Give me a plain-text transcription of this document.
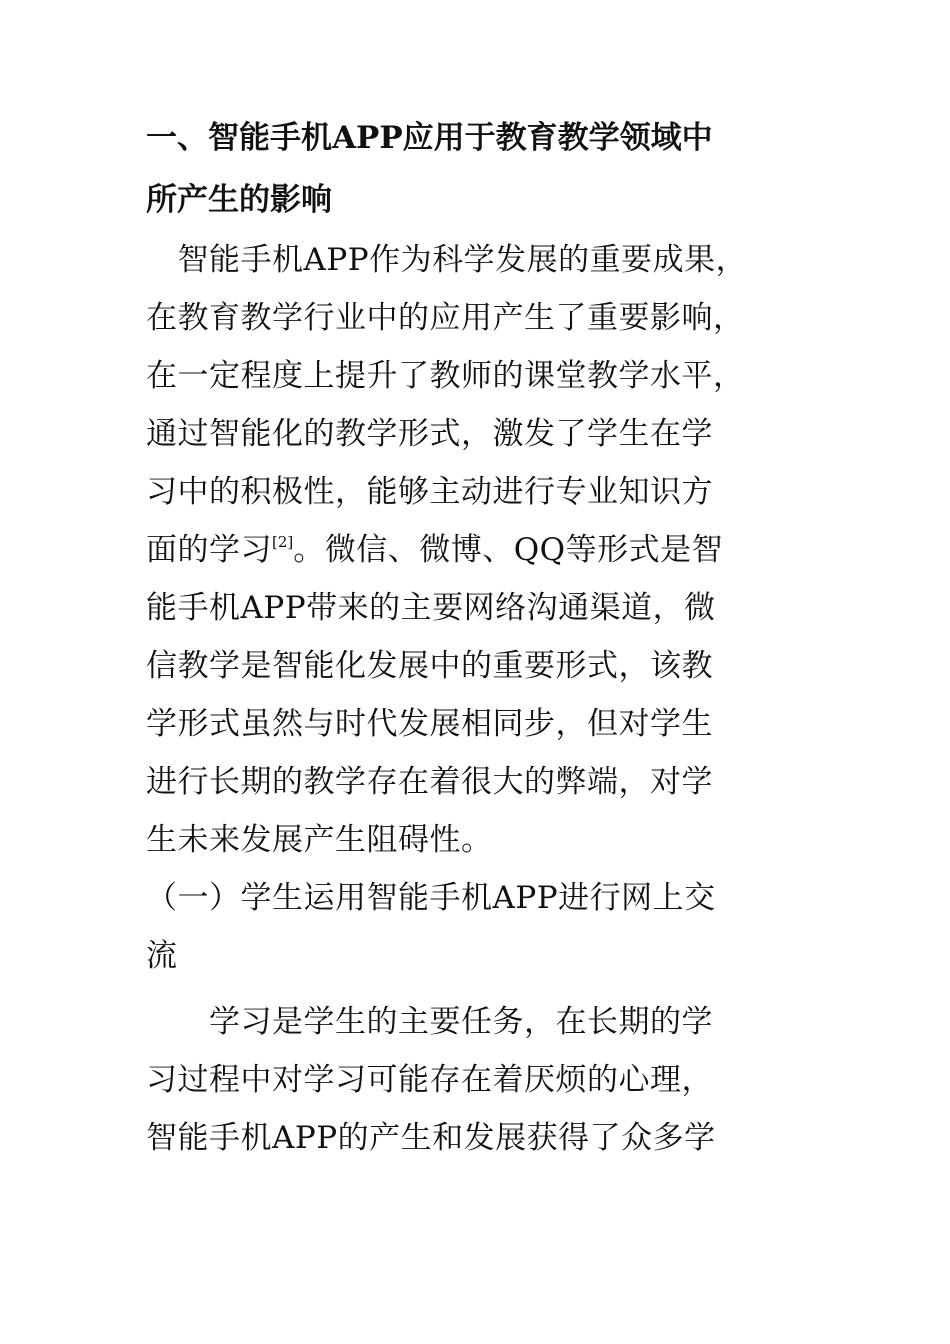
一、智能手机APP应用于教育教学领域中
所产生的影响
　智能手机APP作为科学发展的重要成果，
在教育教学行业中的应用产生了重要影响，
在一定程度上提升了教师的课堂教学水平，
通过智能化的教学形式，激发了学生在学
习中的积极性，能够主动进行专业知识方
面的学习[2]。微信、微博、QQ等形式是智
能手机APP带来的主要网络沟通渠道，微
信教学是智能化发展中的重要形式，该教
学形式虽然与时代发展相同步，但对学生
进行长期的教学存在着很大的弊端，对学
生未来发展产生阻碍性。
（一）学生运用智能手机APP进行网上交
流
　　学习是学生的主要任务，在长期的学
习过程中对学习可能存在着厌烦的心理，
智能手机APP的产生和发展获得了众多学
